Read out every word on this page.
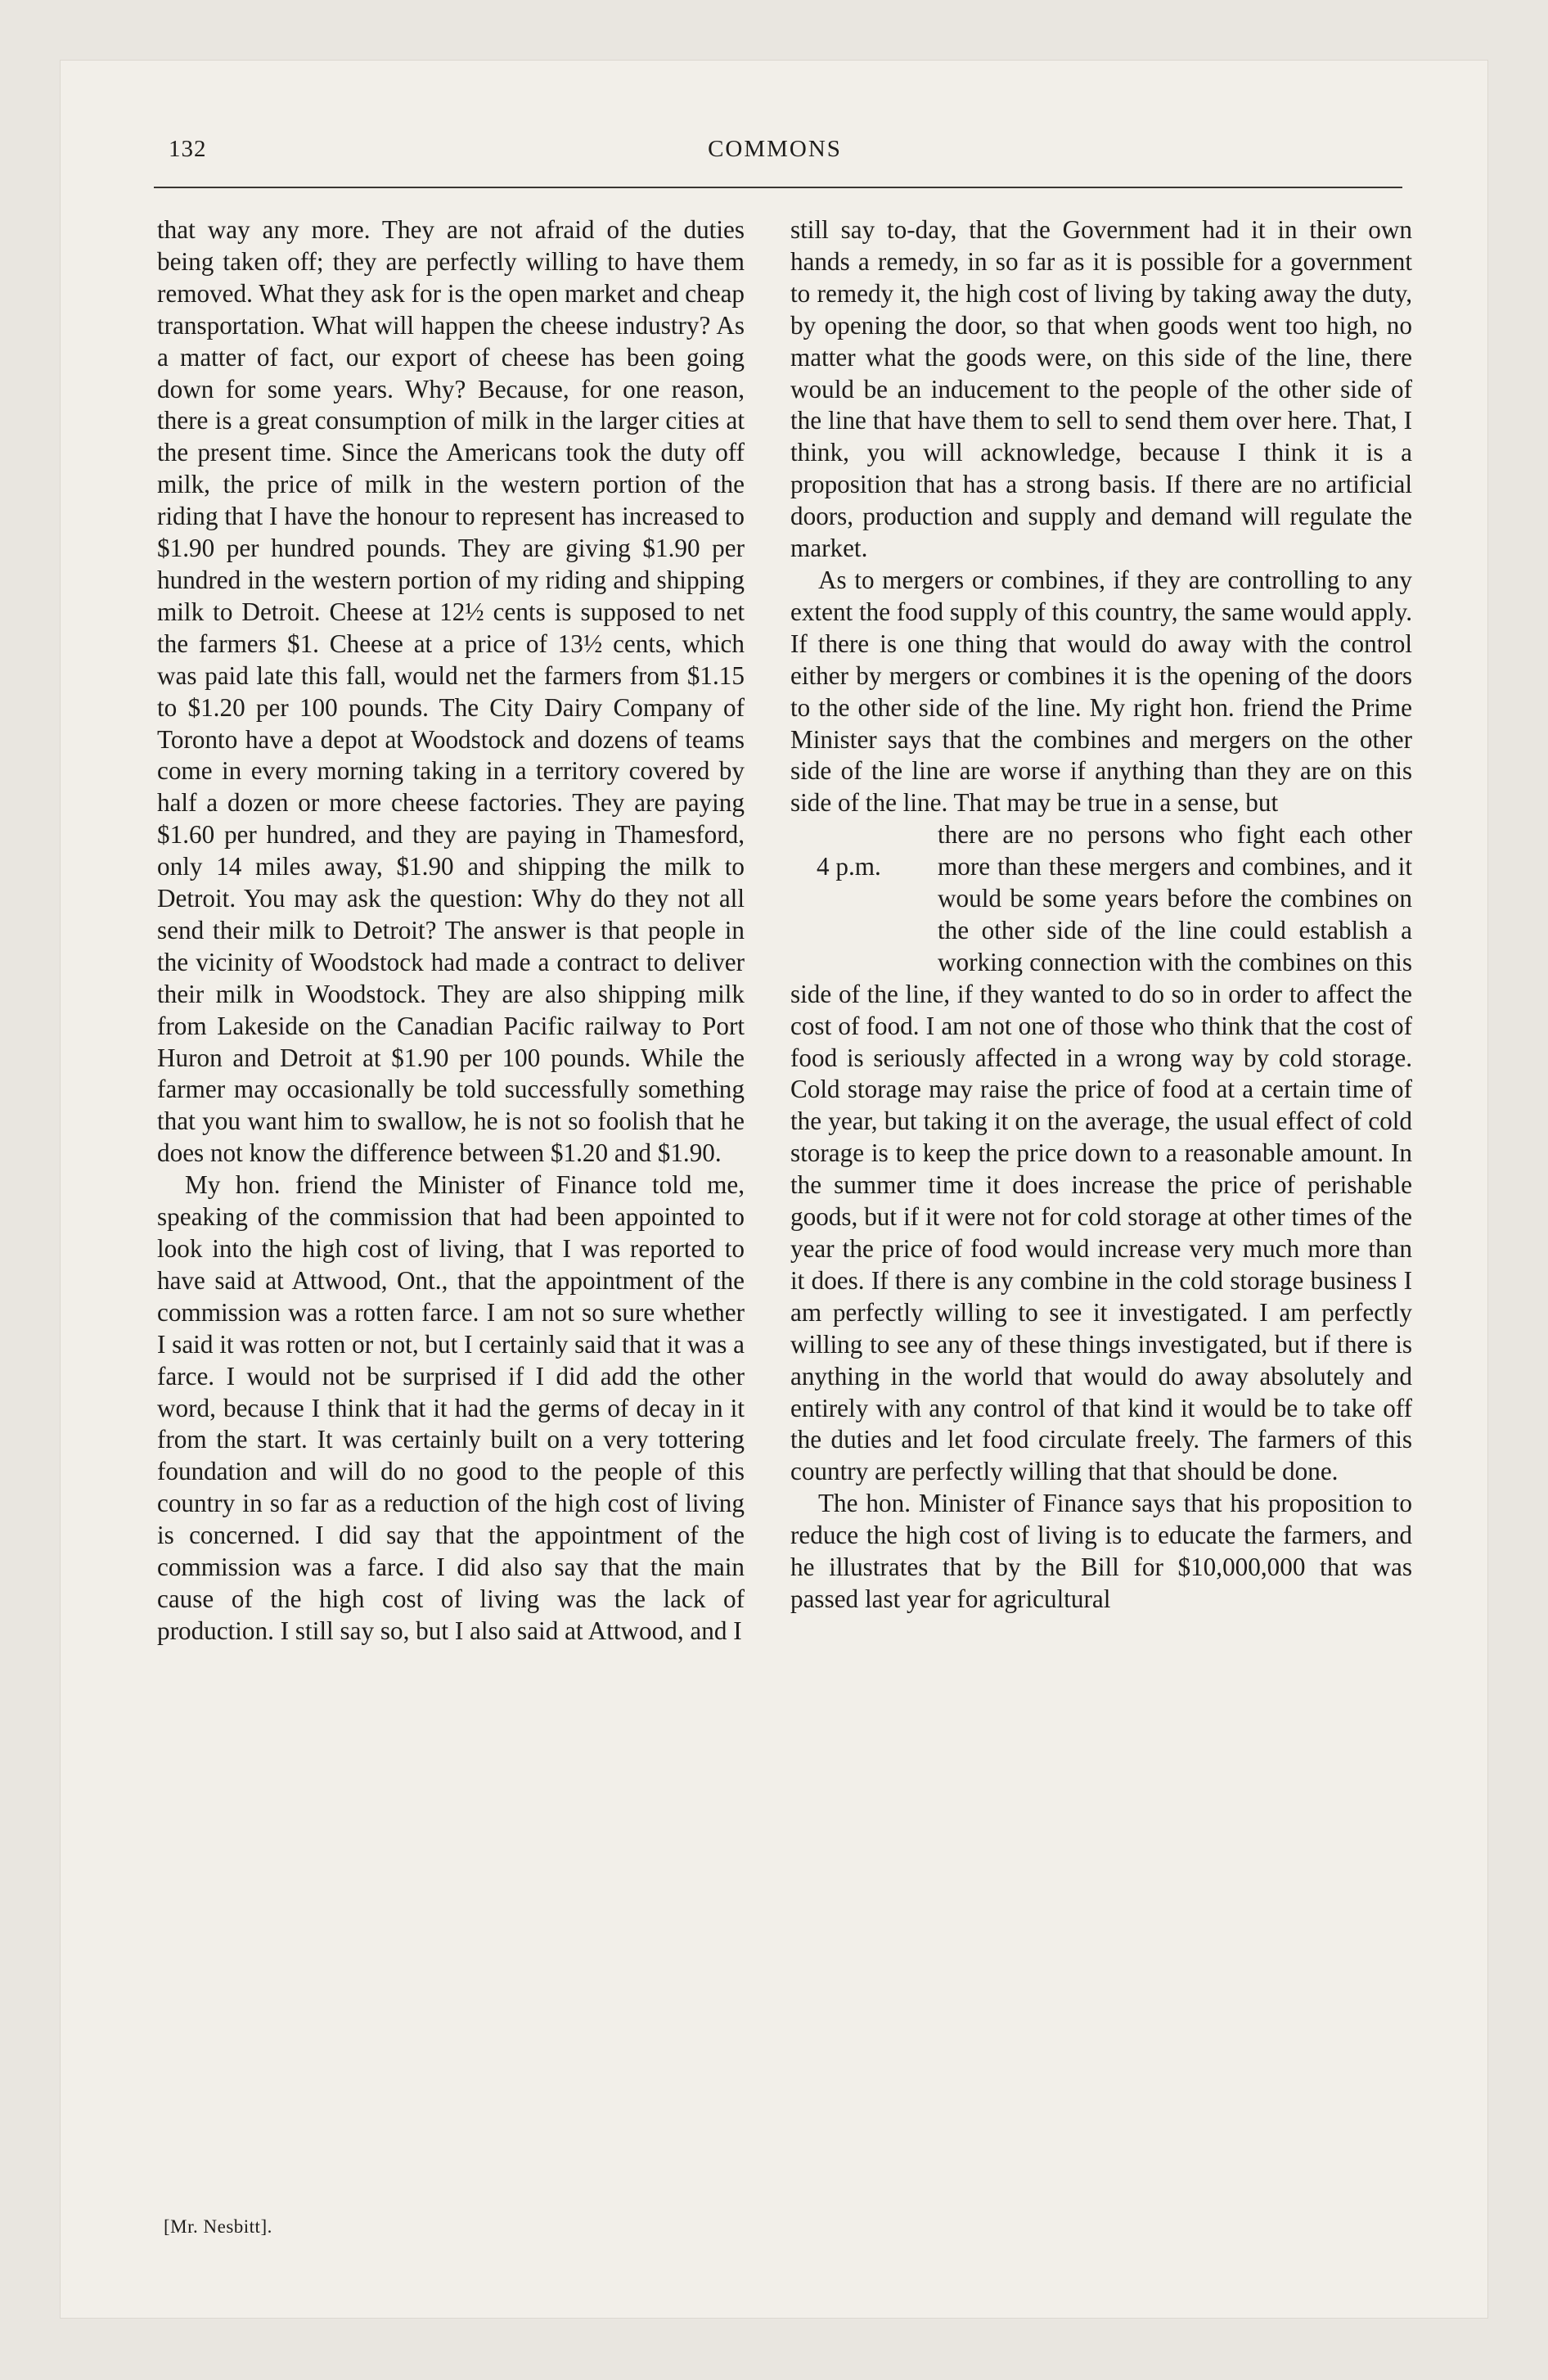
132	COMMONS

that way any more. They are not afraid of the duties being taken off; they are perfectly willing to have them removed. What they ask for is the open market and cheap transportation. What will happen the cheese industry? As a matter of fact, our export of cheese has been going down for some years. Why? Because, for one reason, there is a great consumption of milk in the larger cities at the present time. Since the Americans took the duty off milk, the price of milk in the western portion of the riding that I have the honour to represent has increased to $1.90 per hundred pounds. They are giving $1.90 per hundred in the western portion of my riding and shipping milk to Detroit. Cheese at 12½ cents is supposed to net the farmers $1. Cheese at a price of 13½ cents, which was paid late this fall, would net the farmers from $1.15 to $1.20 per 100 pounds. The City Dairy Company of Toronto have a depot at Woodstock and dozens of teams come in every morning taking in a territory covered by half a dozen or more cheese factories. They are paying $1.60 per hundred, and they are paying in Thamesford, only 14 miles away, $1.90 and shipping the milk to Detroit. You may ask the question: Why do they not all send their milk to Detroit? The answer is that people in the vicinity of Woodstock had made a contract to deliver their milk in Woodstock. They are also shipping milk from Lakeside on the Canadian Pacific railway to Port Huron and Detroit at $1.90 per 100 pounds. While the farmer may occasionally be told successfully something that you want him to swallow, he is not so foolish that he does not know the difference between $1.20 and $1.90.

My hon. friend the Minister of Finance told me, speaking of the commission that had been appointed to look into the high cost of living, that I was reported to have said at Attwood, Ont., that the appointment of the commission was a rotten farce. I am not so sure whether I said it was rotten or not, but I certainly said that it was a farce. I would not be surprised if I did add the other word, because I think that it had the germs of decay in it from the start. It was certainly built on a very tottering foundation and will do no good to the people of this country in so far as a reduction of the high cost of living is concerned. I did say that the appointment of the commission was a farce. I did also say that the main cause of the high cost of living was the lack of production. I still say so, but I also said at Attwood, and I

still say to-day, that the Government had it in their own hands a remedy, in so far as it is possible for a government to remedy it, the high cost of living by taking away the duty, by opening the door, so that when goods went too high, no matter what the goods were, on this side of the line, there would be an inducement to the people of the other side of the line that have them to sell to send them over here. That, I think, you will acknowledge, because I think it is a proposition that has a strong basis. If there are no artificial doors, production and supply and demand will regulate the market.

As to mergers or combines, if they are controlling to any extent the food supply of this country, the same would apply. If there is one thing that would do away with the control either by mergers or combines it is the opening of the doors to the other side of the line. My right hon. friend the Prime Minister says that the combines and mergers on the other side of the line are worse if anything than they are on this side of the line. That may be true in a sense, but

4 p.m.

there are no persons who fight each other more than these mergers and combines, and it would be some years before the combines on the other side of the line could establish a working connection with the combines on this side of the line, if they wanted to do so in order to affect the cost of food. I am not one of those who think that the cost of food is seriously affected in a wrong way by cold storage. Cold storage may raise the price of food at a certain time of the year, but taking it on the average, the usual effect of cold storage is to keep the price down to a reasonable amount. In the summer time it does increase the price of perishable goods, but if it were not for cold storage at other times of the year the price of food would increase very much more than it does. If there is any combine in the cold storage business I am perfectly willing to see it investigated. I am perfectly willing to see any of these things investigated, but if there is anything in the world that would do away absolutely and entirely with any control of that kind it would be to take off the duties and let food circulate freely. The farmers of this country are perfectly willing that that should be done.

The hon. Minister of Finance says that his proposition to reduce the high cost of living is to educate the farmers, and he illustrates that by the Bill for $10,000,000 that was passed last year for agricultural

[Mr. Nesbitt].
